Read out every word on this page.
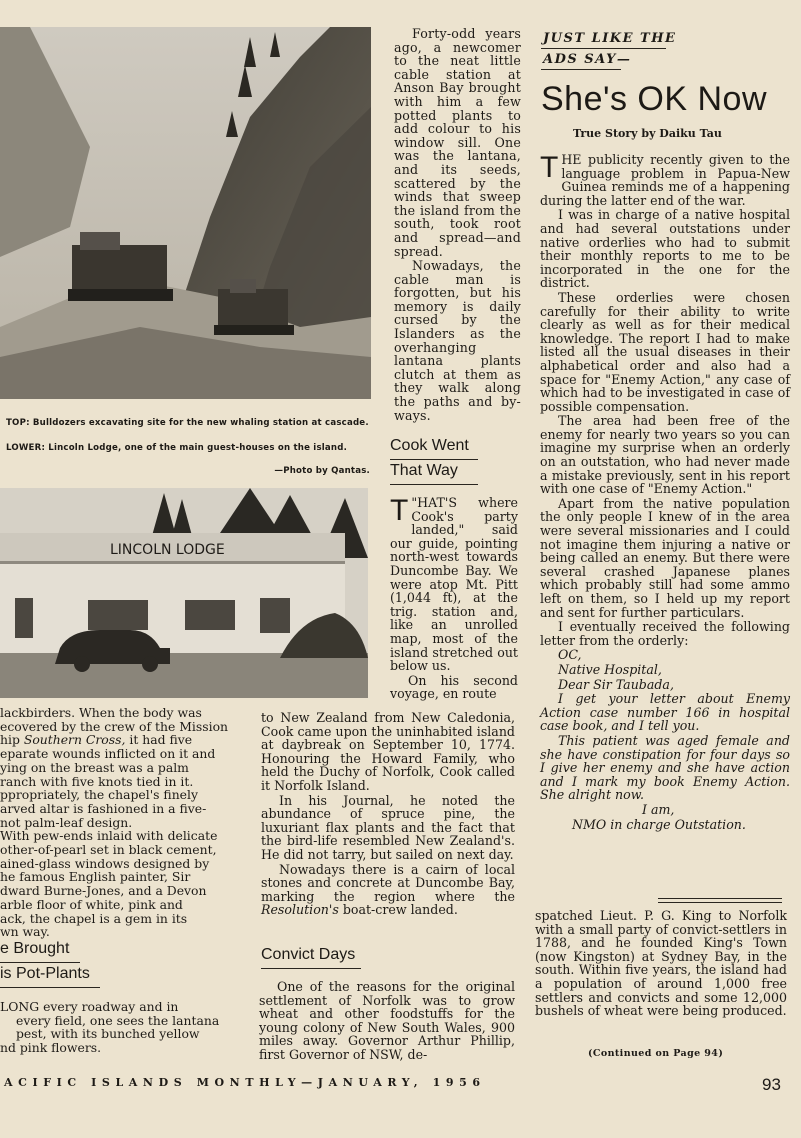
TOP: Bulldozers excavating site for the new whaling station at cascade.
LOWER: Lincoln Lodge, one of the main guest-houses on the island.
—Photo by Qantas.
LINCOLN LODGE

Forty-odd years ago, a newcomer to the neat little cable station at Anson Bay brought with him a few potted plants to add colour to his window sill. One was the lantana, and its seeds, scattered by the winds that sweep the island from the south, took root and spread—and spread.

Nowadays, the cable man is forgotten, but his memory is daily cursed by the Islanders as the overhanging lantana plants clutch at them as they walk along the paths and by-ways.

Cook Went
That Way

"
T HAT'S where Cook's party landed," said our guide, pointing north-west towards Duncombe Bay. We were atop Mt. Pitt (1,044 ft), at the trig. station and, like an unrolled map, most of the island stretched out below us.

On his second voyage, en route

to New Zealand from New Caledonia, Cook came upon the uninhabited island at daybreak on September 10, 1774. Honouring the Howard Family, who held the Duchy of Norfolk, Cook called it Norfolk Island.

In his Journal, he noted the abundance of spruce pine, the luxuriant flax plants and the fact that the bird-life resembled New Zealand's. He did not tarry, but sailed on next day.

Nowadays there is a cairn of local stones and concrete at Duncombe Bay, marking the region where the Resolution's boat-crew landed.

lackbirders. When the body was
ecovered by the crew of the Mission
hip Southern Cross, it had five
eparate wounds inflicted on it and
ying on the breast was a palm
ranch with five knots tied in it.
ppropriately, the chapel's finely
arved altar is fashioned in a five-
not palm-leaf design.
With pew-ends inlaid with delicate
other-of-pearl set in black cement,
ained-glass windows designed by
he famous English painter, Sir
dward Burne-Jones, and a Devon
arble floor of white, pink and
ack, the chapel is a gem in its
wn way.
e Brought
is Pot-Plants
LONG every roadway and in
every field, one sees the lantana
pest, with its bunched yellow
nd pink flowers.
Convict Days

One of the reasons for the original settlement of Norfolk was to grow wheat and other foodstuffs for the young colony of New South Wales, 900 miles away. Governor Arthur Phillip, first Governor of NSW, de-

JUST LIKE THE
ADS SAY—
She's OK Now
True Story by Daiku Tau

THE publicity recently given to the language problem in Papua-New Guinea reminds me of a happening during the latter end of the war.

I was in charge of a native hospital and had several outstations under native orderlies who had to submit their monthly reports to me to be incorporated in the one for the district.

These orderlies were chosen carefully for their ability to write clearly as well as for their medical knowledge. The report I had to make listed all the usual diseases in their alphabetical order and also had a space for "Enemy Action," any case of which had to be investigated in case of possible compensation.

The area had been free of the enemy for nearly two years so you can imagine my surprise when an orderly on an outstation, who had never made a mistake previously, sent in his report with one case of "Enemy Action."

Apart from the native population the only people I knew of in the area were several missionaries and I could not imagine them injuring a native or being called an enemy. But there were several crashed Japanese planes which probably still had some ammo left on them, so I held up my report and sent for further particulars.

I eventually received the following letter from the orderly:

OC,

Native Hospital,

Dear Sir Taubada,

I get your letter about Enemy Action case number 166 in hospital case book, and I tell you.

This patient was aged female and she have constipation for four days so I give her enemy and she have action and I mark my book Enemy Action. She alright now.

I am,

NMO in charge Outstation.

spatched Lieut. P. G. King to Norfolk with a small party of convict-settlers in 1788, and he founded King's Town (now Kingston) at Sydney Bay, in the south. Within five years, the island had a population of around 1,000 free settlers and convicts and some 12,000 bushels of wheat were being produced.

(Continued on Page 94)
ACIFIC ISLANDS MONTHLY—JANUARY, 1956	93
